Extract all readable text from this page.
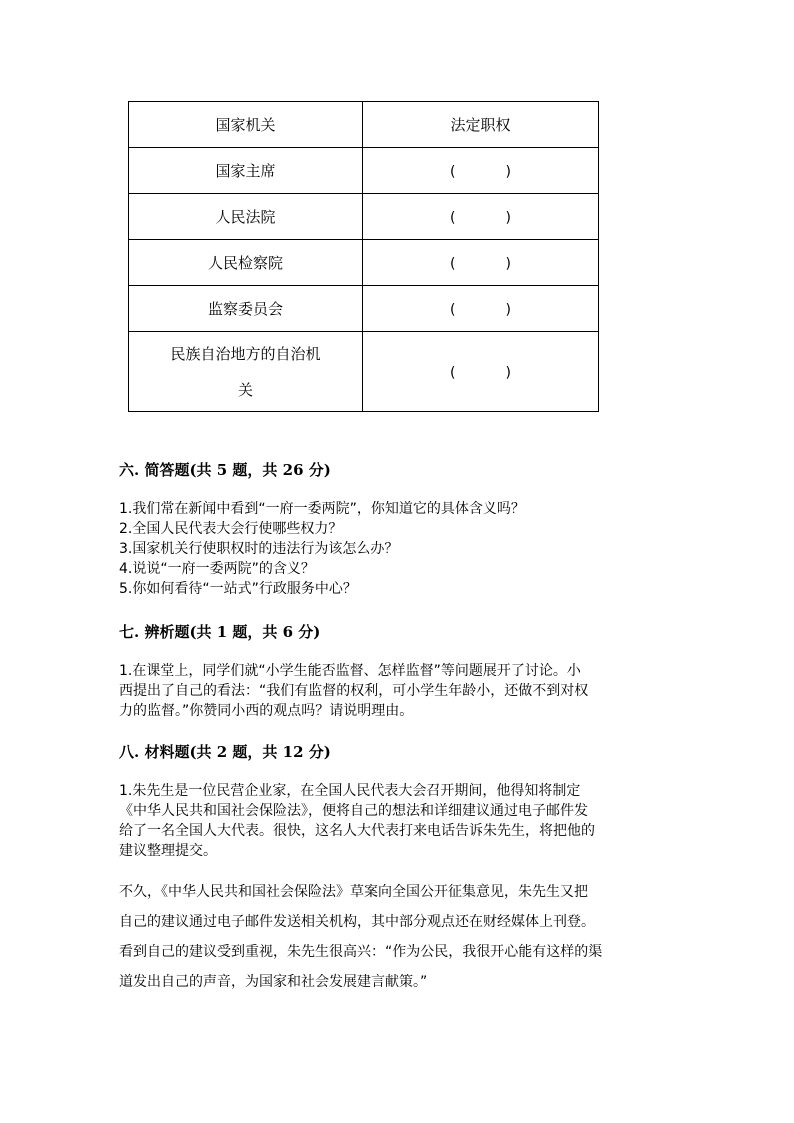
国家机关	法定职权
国家主席	( )
人民法院	( )
人民检察院	( )
监察委员会	( )

民族自治地方的自治机
关	( )
六. 简答题(共 5 题，共 26 分)
1.我们常在新闻中看到“一府一委两院”，你知道它的具体含义吗？
2.全国人民代表大会行使哪些权力？
3.国家机关行使职权时的违法行为该怎么办？
4.说说“一府一委两院”的含义？
5.你如何看待“一站式”行政服务中心？
七. 辨析题(共 1 题，共 6 分)
1.在课堂上，同学们就“小学生能否监督、怎样监督”等问题展开了讨论。小
西提出了自己的看法：“我们有监督的权利，可小学生年龄小，还做不到对权
力的监督。”你赞同小西的观点吗？请说明理由。
八. 材料题(共 2 题，共 12 分)
1.朱先生是一位民营企业家，在全国人民代表大会召开期间，他得知将制定
《中华人民共和国社会保险法》，便将自己的想法和详细建议通过电子邮件发
给了一名全国人大代表。很快，这名人大代表打来电话告诉朱先生，将把他的
建议整理提交。
不久，《中华人民共和国社会保险法》草案向全国公开征集意见，朱先生又把
自己的建议通过电子邮件发送相关机构，其中部分观点还在财经媒体上刊登。
看到自己的建议受到重视，朱先生很高兴：“作为公民，我很开心能有这样的渠
道发出自己的声音，为国家和社会发展建言献策。”
